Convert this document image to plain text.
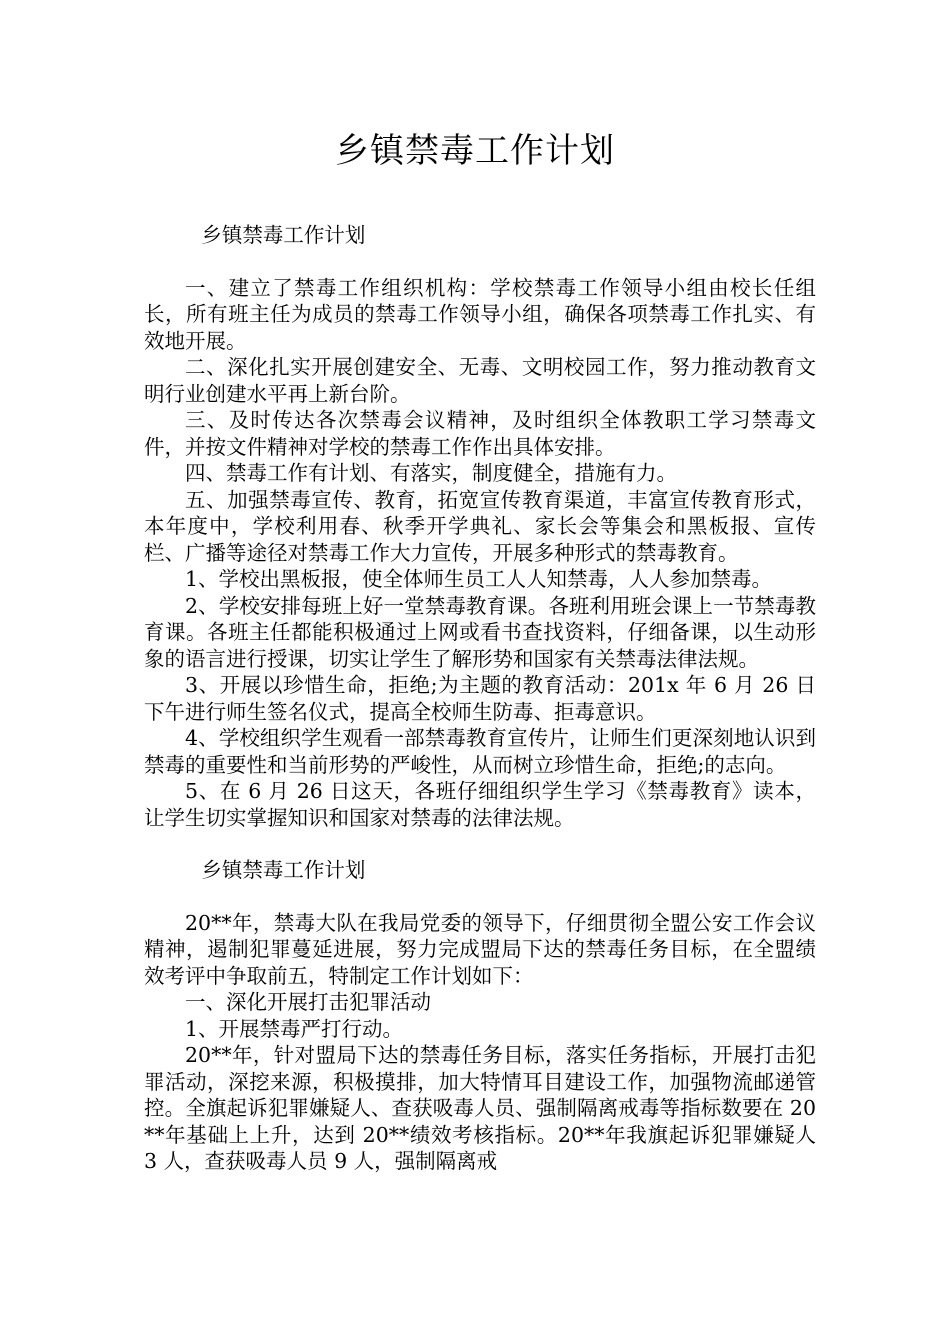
乡镇禁毒工作计划

乡镇禁毒工作计划

一、建立了禁毒工作组织机构：学校禁毒工作领导小组由校长任组长，所有班主任为成员的禁毒工作领导小组，确保各项禁毒工作扎实、有效地开展。

二、深化扎实开展创建安全、无毒、文明校园工作，努力推动教育文明行业创建水平再上新台阶。

三、及时传达各次禁毒会议精神，及时组织全体教职工学习禁毒文件，并按文件精神对学校的禁毒工作作出具体安排。

四、禁毒工作有计划、有落实，制度健全，措施有力。

五、加强禁毒宣传、教育，拓宽宣传教育渠道，丰富宣传教育形式，本年度中，学校利用春、秋季开学典礼、家长会等集会和黑板报、宣传栏、广播等途径对禁毒工作大力宣传，开展多种形式的禁毒教育。

1、学校出黑板报，使全体师生员工人人知禁毒，人人参加禁毒。

2、学校安排每班上好一堂禁毒教育课。各班利用班会课上一节禁毒教育课。各班主任都能积极通过上网或看书查找资料，仔细备课，以生动形象的语言进行授课，切实让学生了解形势和国家有关禁毒法律法规。

3、开展以珍惜生命，拒绝;为主题的教育活动：201x 年 6 月 26 日下午进行师生签名仪式，提高全校师生防毒、拒毒意识。

4、学校组织学生观看一部禁毒教育宣传片，让师生们更深刻地认识到禁毒的重要性和当前形势的严峻性，从而树立珍惜生命，拒绝;的志向。

5、在 6 月 26 日这天，各班仔细组织学生学习《禁毒教育》读本，让学生切实掌握知识和国家对禁毒的法律法规。

乡镇禁毒工作计划

20**年，禁毒大队在我局党委的领导下，仔细贯彻全盟公安工作会议精神，遏制犯罪蔓延进展，努力完成盟局下达的禁毒任务目标，在全盟绩效考评中争取前五，特制定工作计划如下：

一、深化开展打击犯罪活动

1、开展禁毒严打行动。

20**年，针对盟局下达的禁毒任务目标，落实任务指标，开展打击犯罪活动，深挖来源，积极摸排，加大特情耳目建设工作，加强物流邮递管控。全旗起诉犯罪嫌疑人、查获吸毒人员、强制隔离戒毒等指标数要在 20**年基础上上升，达到 20**绩效考核指标。20**年我旗起诉犯罪嫌疑人 3 人，查获吸毒人员 9 人，强制隔离戒
